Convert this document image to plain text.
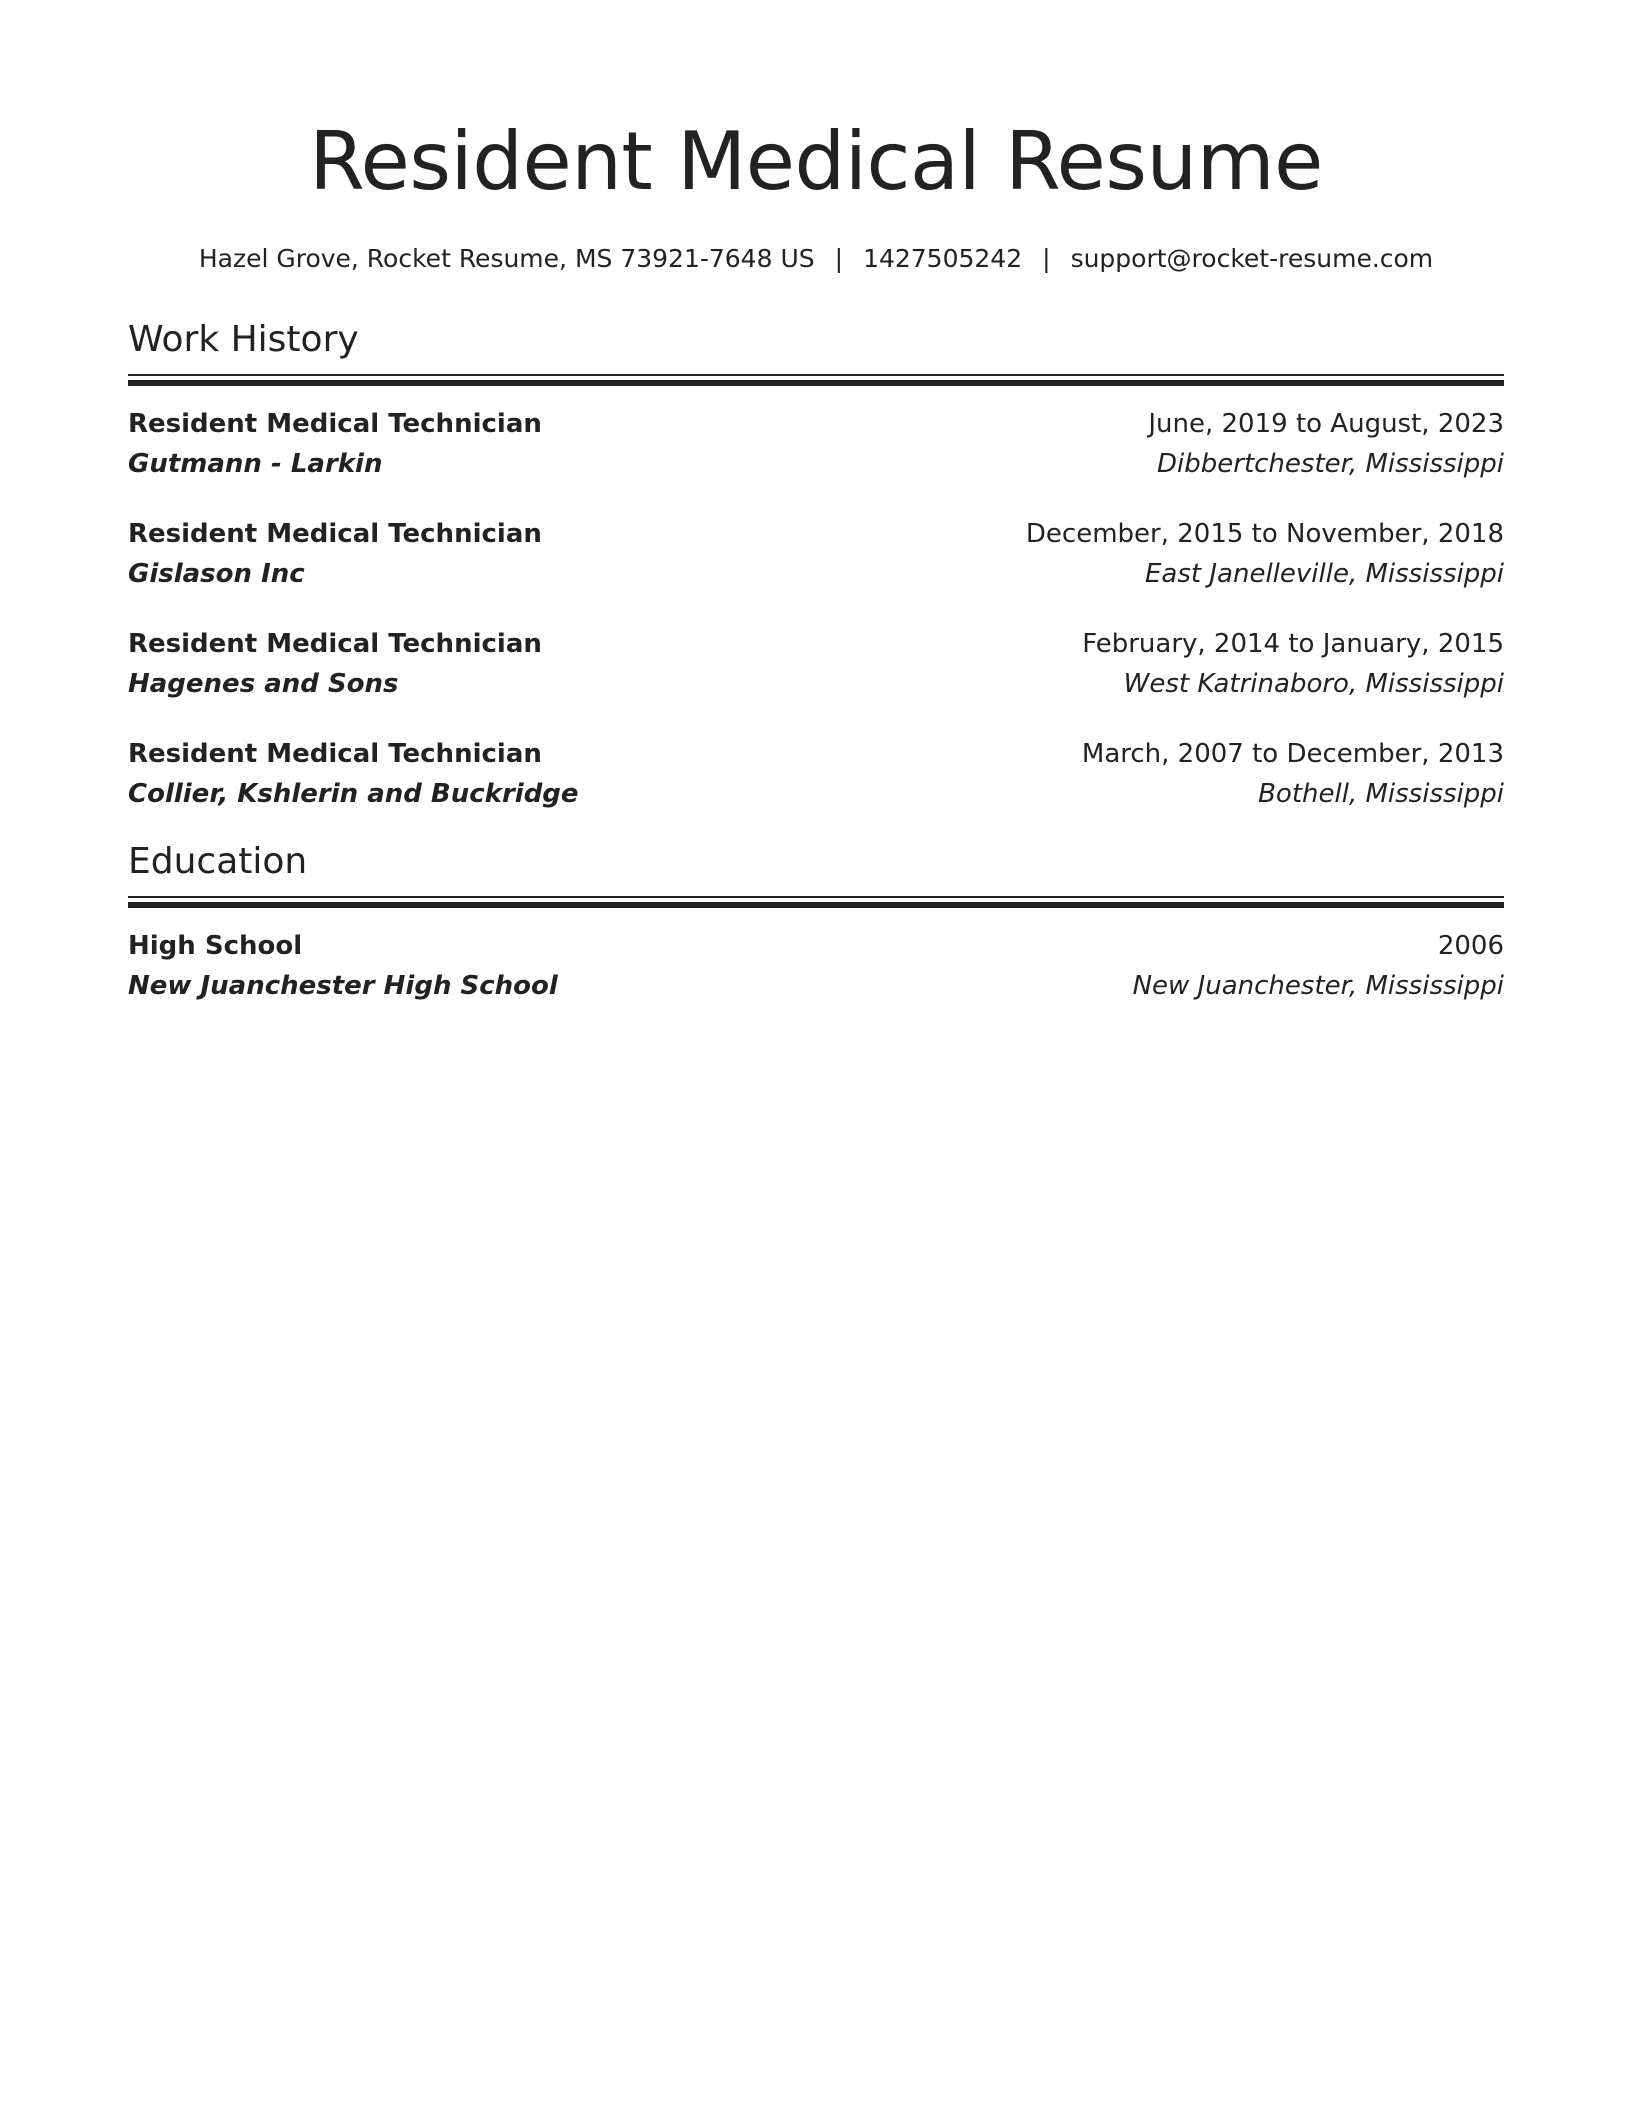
Resident Medical Resume
Hazel Grove, Rocket Resume, MS 73921-7648 US | 1427505242 | support@rocket-resume.com
Work History
Resident Medical Technician	June, 2019 to August, 2023
Gutmann - Larkin	Dibbertchester, Mississippi
Resident Medical Technician	December, 2015 to November, 2018
Gislason Inc	East Janelleville, Mississippi
Resident Medical Technician	February, 2014 to January, 2015
Hagenes and Sons	West Katrinaboro, Mississippi
Resident Medical Technician	March, 2007 to December, 2013
Collier, Kshlerin and Buckridge	Bothell, Mississippi
Education
High School	2006
New Juanchester High School	New Juanchester, Mississippi
